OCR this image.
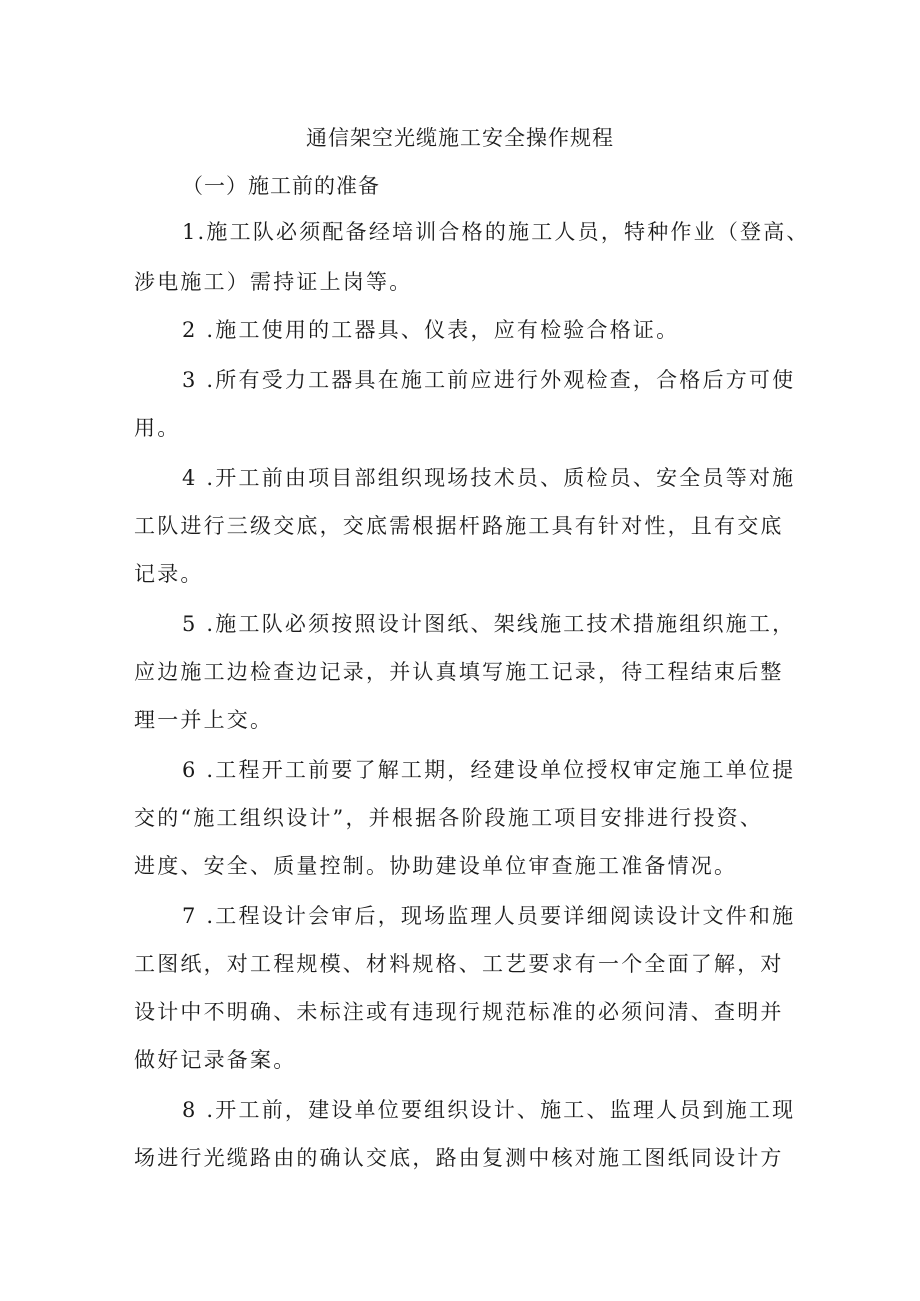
通信架空光缆施工安全操作规程
（一）施工前的准备
1.施工队必须配备经培训合格的施工人员，特种作业（登高、
涉电施工）需持证上岗等。
2 .施工使用的工器具、仪表，应有检验合格证。
3 .所有受力工器具在施工前应进行外观检查，合格后方可使
用。
4 .开工前由项目部组织现场技术员、质检员、安全员等对施
工队进行三级交底，交底需根据杆路施工具有针对性，且有交底
记录。
5 .施工队必须按照设计图纸、架线施工技术措施组织施工，
应边施工边检查边记录，并认真填写施工记录，待工程结束后整
理一并上交。
6 .工程开工前要了解工期，经建设单位授权审定施工单位提
交的“施工组织设计”，并根据各阶段施工项目安排进行投资、
进度、安全、质量控制。协助建设单位审查施工准备情况。
7 .工程设计会审后，现场监理人员要详细阅读设计文件和施
工图纸，对工程规模、材料规格、工艺要求有一个全面了解，对
设计中不明确、未标注或有违现行规范标准的必须问清、查明并
做好记录备案。
8 .开工前，建设单位要组织设计、施工、监理人员到施工现
场进行光缆路由的确认交底，路由复测中核对施工图纸同设计方
